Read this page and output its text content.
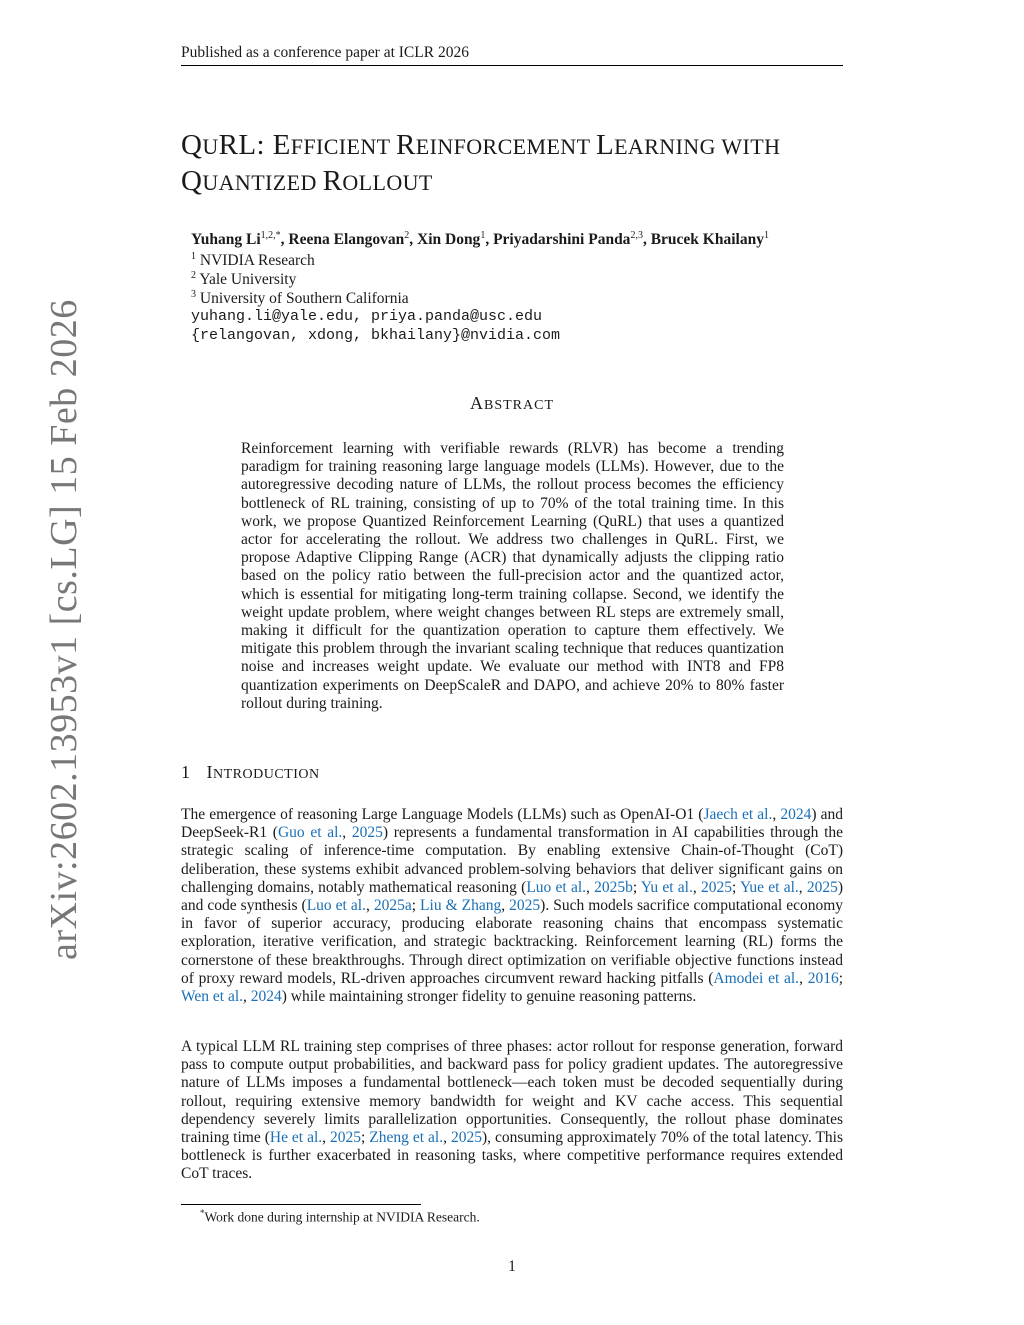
Published as a conference paper at ICLR 2026
arXiv:2602.13953v1 [cs.LG] 15 Feb 2026
QURL: EFFICIENT REINFORCEMENT LEARNING WITH
QUANTIZED ROLLOUT
Yuhang $Li^{1,2,*}$, Reena Elangovan$^2$, Xin Dong$^1$, Priyadarshini Panda$^{2,3}$, Brucek Khailany$^1$
$^1$ NVIDIA Research
$^2$ Yale University
$^3$ University of Southern California
yuhang.li@yale.edu, priya.panda@usc.edu
{relangovan, xdong, bkhailany}@nvidia.com
ABSTRACT
Reinforcement learning with verifiable rewards (RLVR) has become a trending paradigm for training reasoning large language models (LLMs). However, due to the autoregressive decoding nature of LLMs, the rollout process becomes the efficiency bottleneck of RL training, consisting of up to 70% of the total training time. In this work, we propose Quantized Reinforcement Learning (QuRL) that uses a quantized actor for accelerating the rollout. We address two challenges in QuRL. First, we propose Adaptive Clipping Range (ACR) that dynamically adjusts the clipping ratio based on the policy ratio between the full-precision actor and the quantized actor, which is essential for mitigating long-term training collapse. Second, we identify the weight update problem, where weight changes between RL steps are extremely small, making it difficult for the quantization operation to capture them effectively. We mitigate this problem through the invariant scaling technique that reduces quantization noise and increases weight update. We evaluate our method with INT8 and FP8 quantization experiments on DeepScaleR and DAPO, and achieve 20% to 80% faster rollout during training.
1 INTRODUCTION
The emergence of reasoning Large Language Models (LLMs) such as OpenAI-O1 (Jaech et al., 2024) and DeepSeek-R1 (Guo et al., 2025) represents a fundamental transformation in AI capabilities through the strategic scaling of inference-time computation. By enabling extensive Chain-of-Thought (CoT) deliberation, these systems exhibit advanced problem-solving behaviors that deliver significant gains on challenging domains, notably mathematical reasoning (Luo et al., 2025b; Yu et al., 2025; Yue et al., 2025) and code synthesis (Luo et al., 2025a; Liu & Zhang, 2025). Such models sacrifice computational economy in favor of superior accuracy, producing elaborate reasoning chains that encompass systematic exploration, iterative verification, and strategic backtracking. Reinforcement learning (RL) forms the cornerstone of these breakthroughs. Through direct optimization on verifiable objective functions instead of proxy reward models, RL-driven approaches circumvent reward hacking pitfalls (Amodei et al., 2016; Wen et al., 2024) while maintaining stronger fidelity to genuine reasoning patterns.
A typical LLM RL training step comprises of three phases: actor rollout for response generation, forward pass to compute output probabilities, and backward pass for policy gradient updates. The autoregressive nature of LLMs imposes a fundamental bottleneck—each token must be decoded sequentially during rollout, requiring extensive memory bandwidth for weight and KV cache access. This sequential dependency severely limits parallelization opportunities. Consequently, the rollout phase dominates training time (He et al., 2025; Zheng et al., 2025), consuming approximately 70% of the total latency. This bottleneck is further exacerbated in reasoning tasks, where competitive performance requires extended CoT traces.
*Work done during internship at NVIDIA Research.
1
